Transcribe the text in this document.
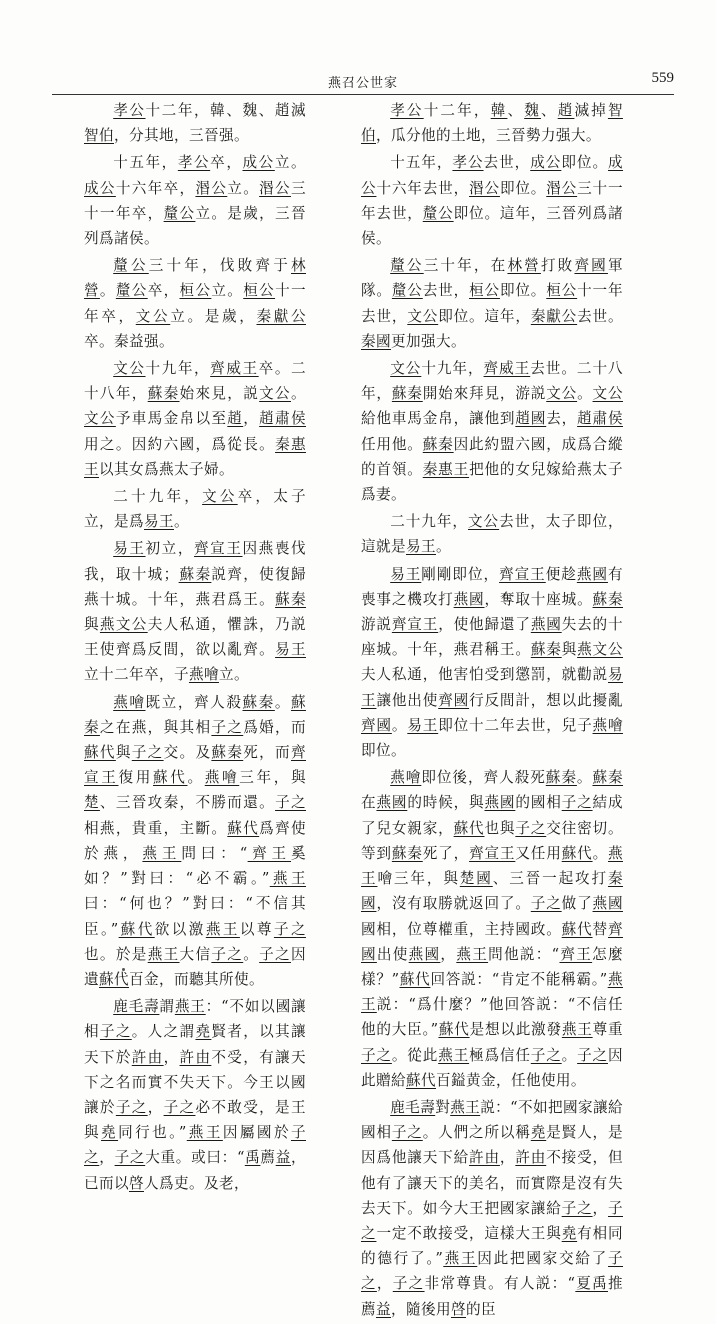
燕召公世家	559

孝公十二年，韓、魏、趙滅智伯，分其地，三晉强。

十五年，孝公卒，成公立。成公十六年卒，湣公立。湣公三十一年卒，釐公立。是歲，三晉列爲諸侯。

釐公三十年，伐敗齊于林營。釐公卒，桓公立。桓公十一年卒，文公立。是歲，秦獻公卒。秦益强。

文公十九年，齊威王卒。二十八年，蘇秦始來見，説文公。文公予車馬金帛以至趙，趙肅侯用之。因約六國，爲從長。秦惠王以其女爲燕太子婦。

二十九年，文公卒，太子立，是爲易王。

易王初立，齊宣王因燕喪伐我，取十城；蘇秦説齊，使復歸燕十城。十年，燕君爲王。蘇秦與燕文公夫人私通，懼誅，乃説王使齊爲反間，欲以亂齊。易王立十二年卒，子燕噲立。

燕噲既立，齊人殺蘇秦。蘇秦之在燕，與其相子之爲婚，而蘇代與子之交。及蘇秦死，而齊宣王復用蘇代。燕噲三年，與楚、三晉攻秦，不勝而還。子之相燕，貴重，主斷。蘇代爲齊使於燕，燕王問曰：“齊王奚如？”對曰：“必不霸。”燕王曰：“何也？”對曰：“不信其臣。”蘇代欲以激燕王以尊子之也。於是燕王大信子之。子之因遺蘇代百金，而聽其所使。

鹿毛壽謂燕王：“不如以國讓相子之。人之謂堯賢者，以其讓天下於許由，許由不受，有讓天下之名而實不失天下。今王以國讓於子之，子之必不敢受，是王與堯同行也。”燕王因屬國於子之，子之大重。或曰：“禹薦益，已而以啓人爲吏。及老，

孝公十二年，韓、魏、趙滅掉智伯，瓜分他的土地，三晉勢力强大。

十五年，孝公去世，成公即位。成公十六年去世，湣公即位。湣公三十一年去世，釐公即位。這年，三晉列爲諸侯。

釐公三十年，在林營打敗齊國軍隊。釐公去世，桓公即位。桓公十一年去世，文公即位。這年，秦獻公去世。秦國更加强大。

文公十九年，齊威王去世。二十八年，蘇秦開始來拜見，游説文公。文公給他車馬金帛，讓他到趙國去，趙肅侯任用他。蘇秦因此約盟六國，成爲合縱的首領。秦惠王把他的女兒嫁給燕太子爲妻。

二十九年，文公去世，太子即位，這就是易王。

易王剛剛即位，齊宣王便趁燕國有喪事之機攻打燕國，奪取十座城。蘇秦游説齊宣王，使他歸還了燕國失去的十座城。十年，燕君稱王。蘇秦與燕文公夫人私通，他害怕受到懲罰，就勸説易王讓他出使齊國行反間計，想以此擾亂齊國。易王即位十二年去世，兒子燕噲即位。

燕噲即位後，齊人殺死蘇秦。蘇秦在燕國的時候，與燕國的國相子之結成了兒女親家，蘇代也與子之交往密切。等到蘇秦死了，齊宣王又任用蘇代。燕王噲三年，與楚國、三晉一起攻打秦國，沒有取勝就返回了。子之做了燕國國相，位尊權重，主持國政。蘇代替齊國出使燕國，燕王問他説：“齊王怎麼樣？”蘇代回答説：“肯定不能稱霸。”燕王説：“爲什麼？”他回答説：“不信任他的大臣。”蘇代是想以此激發燕王尊重子之。從此燕王極爲信任子之。子之因此贈給蘇代百鎰黄金，任他使用。

鹿毛壽對燕王説：“不如把國家讓給國相子之。人們之所以稱堯是賢人，是因爲他讓天下給許由，許由不接受，但他有了讓天下的美名，而實際是沒有失去天下。如今大王把國家讓給子之，子之一定不敢接受，這樣大王與堯有相同的德行了。”燕王因此把國家交給了子之，子之非常尊貴。有人説：“夏禹推薦益，隨後用啓的臣
